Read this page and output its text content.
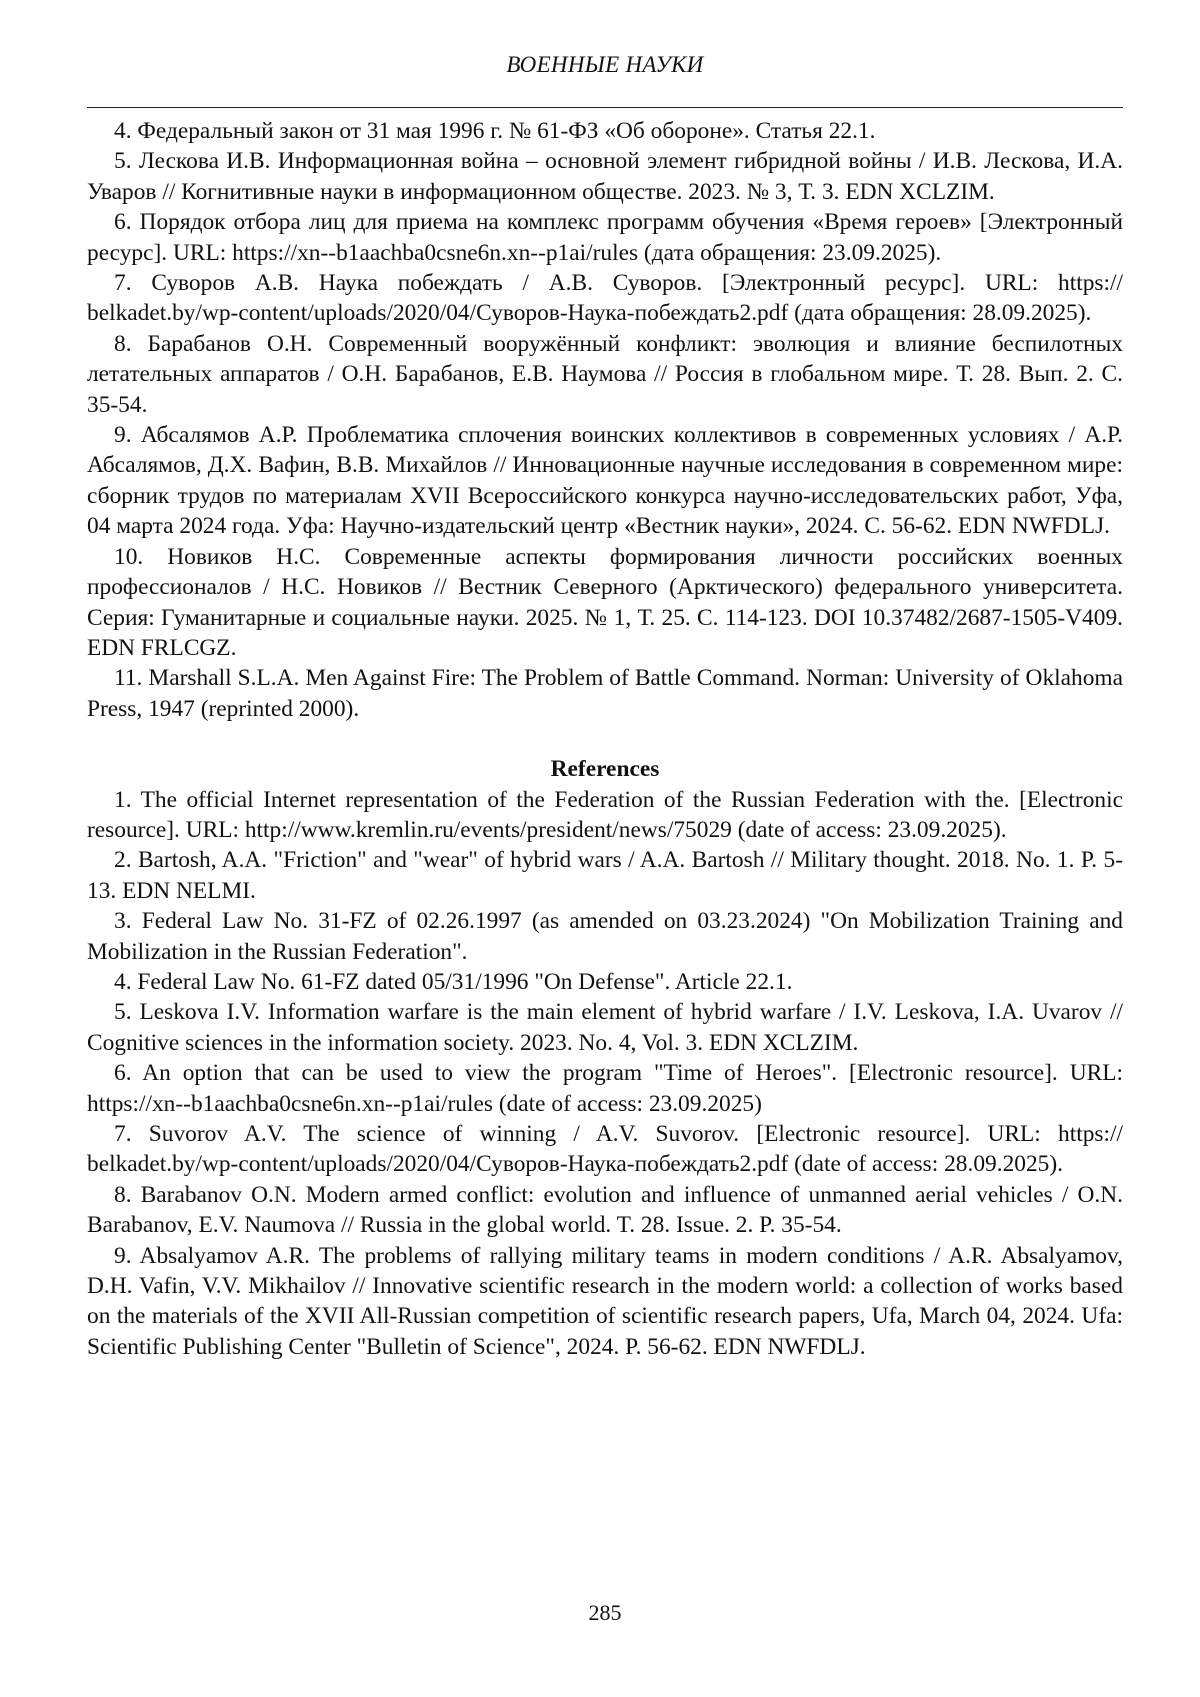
ВОЕННЫЕ НАУКИ

4. Федеральный закон от 31 мая 1996 г. № 61-ФЗ «Об обороне». Статья 22.1.

5. Лескова И.В. Информационная война – основной элемент гибридной войны / И.В. Лескова, И.А. Уваров // Когнитивные науки в информационном обществе. 2023. № 3, Т. 3. EDN XCLZIM.

6. Порядок отбора лиц для приема на комплекс программ обучения «Время героев» [Электронный ресурс]. URL: https://xn--b1aachba0csne6n.xn--p1ai/rules (дата обращения: 23.09.2025).

7. Суворов А.В. Наука побеждать / А.В. Суворов. [Электронный ресурс]. URL: https:// belkadet.by/wp-content/uploads/2020/04/Суворов-Наука-побеждать2.pdf (дата обращения: 28.09.2025).

8. Барабанов О.Н. Современный вооружённый конфликт: эволюция и влияние беспилотных летательных аппаратов / О.Н. Барабанов, Е.В. Наумова // Россия в глобальном мире. Т. 28. Вып. 2. С. 35-54.

9. Абсалямов А.Р. Проблематика сплочения воинских коллективов в современных условиях / А.Р. Абсалямов, Д.Х. Вафин, В.В. Михайлов // Инновационные научные исследования в современном мире: сборник трудов по материалам XVII Всероссийского конкурса научно-исследовательских работ, Уфа, 04 марта 2024 года. Уфа: Научно-издательский центр «Вестник науки», 2024. С. 56-62. EDN NWFDLJ.

10. Новиков Н.С. Современные аспекты формирования личности российских военных профессионалов / Н.С. Новиков // Вестник Северного (Арктического) федерального университета. Серия: Гуманитарные и социальные науки. 2025. № 1, Т. 25. С. 114-123. DOI 10.37482/2687-1505-V409. EDN FRLCGZ.

11. Marshall S.L.A. Men Against Fire: The Problem of Battle Command. Norman: University of Oklahoma Press, 1947 (reprinted 2000).

References

1. The official Internet representation of the Federation of the Russian Federation with the. [Electronic resource]. URL: http://www.kremlin.ru/events/president/news/75029 (date of access: 23.09.2025).

2. Bartosh, A.A. "Friction" and "wear" of hybrid wars / A.A. Bartosh // Military thought. 2018. No. 1. P. 5-13. EDN NELMI.

3. Federal Law No. 31-FZ of 02.26.1997 (as amended on 03.23.2024) "On Mobilization Training and Mobilization in the Russian Federation".

4. Federal Law No. 61-FZ dated 05/31/1996 "On Defense". Article 22.1.

5. Leskova I.V. Information warfare is the main element of hybrid warfare / I.V. Leskova, I.A. Uvarov // Cognitive sciences in the information society. 2023. No. 4, Vol. 3. EDN XCLZIM.

6. An option that can be used to view the program "Time of Heroes". [Electronic resource]. URL: https://xn--b1aachba0csne6n.xn--p1ai/rules (date of access: 23.09.2025)

7. Suvorov A.V. The science of winning / A.V. Suvorov. [Electronic resource]. URL: https:// belkadet.by/wp-content/uploads/2020/04/Суворов-Наука-побеждать2.pdf (date of access: 28.09.2025).

8. Barabanov O.N. Modern armed conflict: evolution and influence of unmanned aerial vehicles / O.N. Barabanov, E.V. Naumova // Russia in the global world. T. 28. Issue. 2. P. 35-54.

9. Absalyamov A.R. The problems of rallying military teams in modern conditions / A.R. Absalyamov, D.H. Vafin, V.V. Mikhailov // Innovative scientific research in the modern world: a collection of works based on the materials of the XVII All-Russian competition of scientific research papers, Ufa, March 04, 2024. Ufa: Scientific Publishing Center "Bulletin of Science", 2024. P. 56-62. EDN NWFDLJ.

285
